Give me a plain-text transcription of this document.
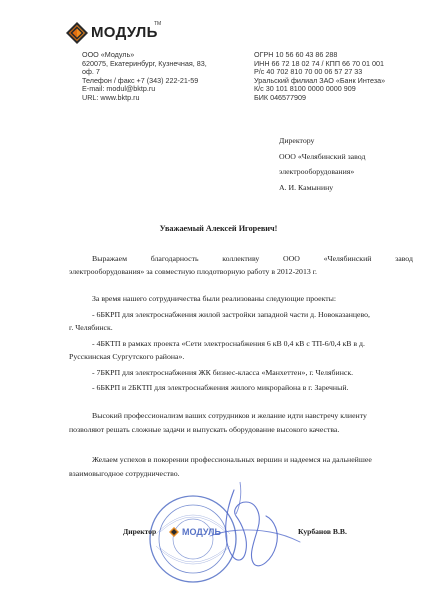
МОДУЛЬ
TM
ООО «Модуль»
620075, Екатеринбург, Кузнечная, 83,
оф. 7
Телефон / факс +7 (343) 222-21-59
E-mail: modul@bktp.ru
URL: www.bktp.ru
ОГРН 10 56 60 43 86 288
ИНН 66 72 18 02 74 / КПП 66 70 01 001
Р/с 40 702 810 70 00 06 57 27 33
Уральский филиал ЗАО «Банк Интеза»
К/с 30 101 8100 0000 0000 909
БИК 046577909
Директору
ООО «Челябинский завод
электрооборудования»
А. И. Камынину
Уважаемый Алексей Игоревич!
Выражаем	благодарность	коллективу	ООО	«Челябинский	завод
электрооборудования» за совместную плодотворную работу в 2012-2013 г.
За время нашего сотрудничества были реализованы следующие проекты:
- 6БКРП для электроснабжения жилой застройки западной части д. Новоказанцево,
г. Челябинск.
- 4БКТП в рамках проекта «Сети электроснабжения 6 кВ 0,4 кВ с ТП-6/0,4 кВ в д.
Русскинская Сургутского района».
- 7БКРП для электроснабжения ЖК бизнес-класса «Манхеттен», г. Челябинск.
- 6БКРП и 2БКТП для электроснабжения жилого микрорайона в г. Заречный.
Высокий профессионализм ваших сотрудников и желание идти навстречу клиенту
позволяют решать сложные задачи и выпускать оборудование высокого качества.
Желаем успехов в покорении профессиональных вершин и надеемся на дальнейшее
взаимовыгодное сотрудничество.
МОДУЛЬ
Директор	Курбанов В.В.
